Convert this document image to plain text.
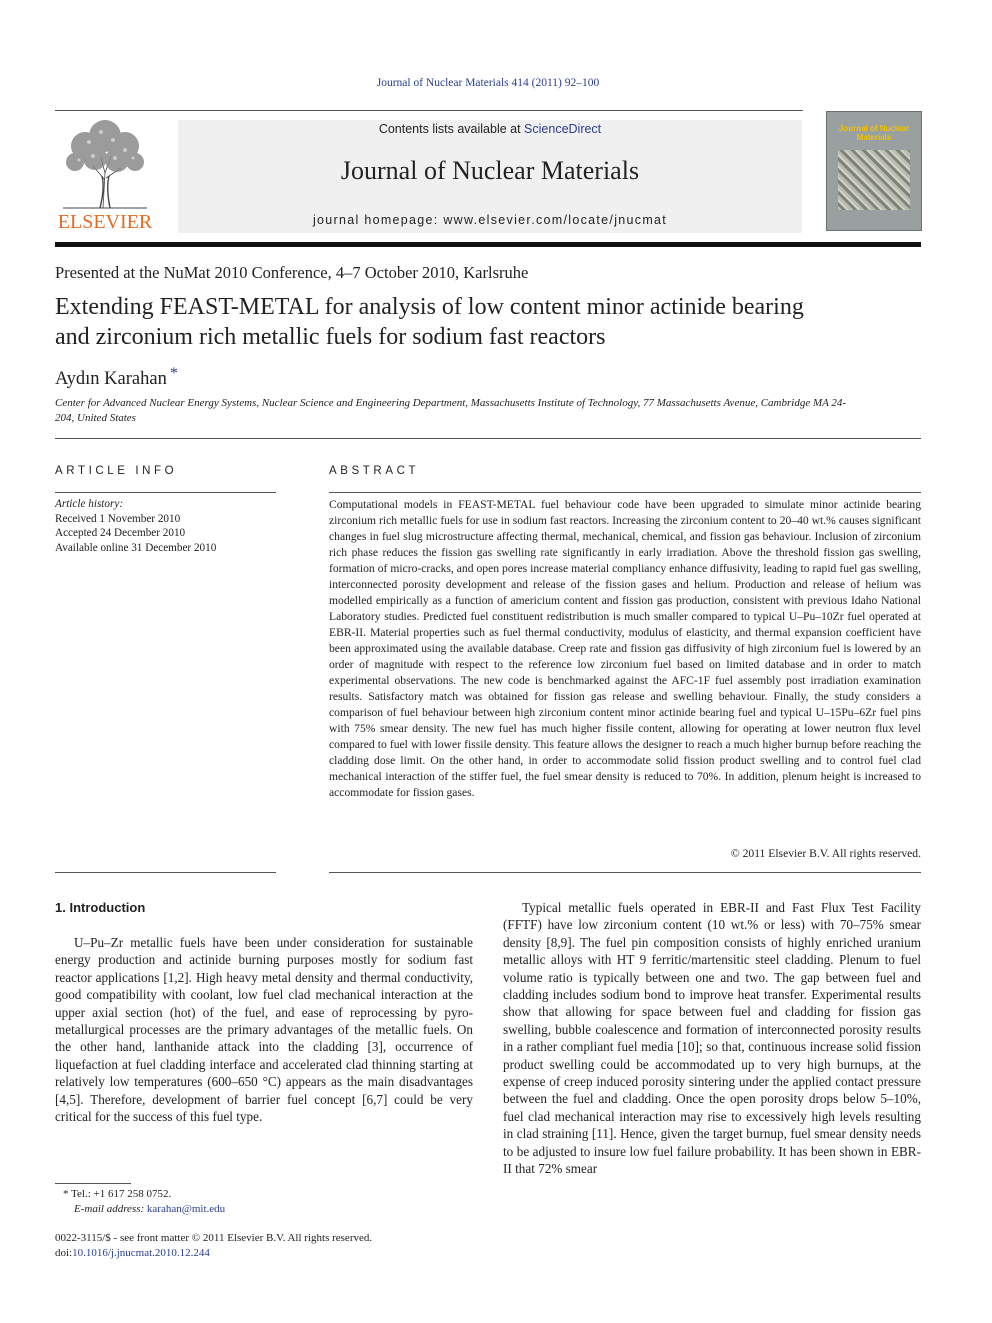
Journal of Nuclear Materials 414 (2011) 92–100
ELSEVIER
Contents lists available at ScienceDirect
Journal of Nuclear Materials
journal homepage: www.elsevier.com/locate/jnucmat
Journal of Nuclear Materials
Presented at the NuMat 2010 Conference, 4–7 October 2010, Karlsruhe
Extending FEAST-METAL for analysis of low content minor actinide bearing
and zirconium rich metallic fuels for sodium fast reactors
Aydın Karahan *
Center for Advanced Nuclear Energy Systems, Nuclear Science and Engineering Department, Massachusetts Institute of Technology, 77 Massachusetts Avenue, Cambridge MA 24-204, United States
ARTICLE INFO
Article history:
Received 1 November 2010
Accepted 24 December 2010
Available online 31 December 2010
ABSTRACT
Computational models in FEAST-METAL fuel behaviour code have been upgraded to simulate minor actinide bearing zirconium rich metallic fuels for use in sodium fast reactors. Increasing the zirconium content to 20–40 wt.% causes significant changes in fuel slug microstructure affecting thermal, mechanical, chemical, and fission gas behaviour. Inclusion of zirconium rich phase reduces the fission gas swelling rate significantly in early irradiation. Above the threshold fission gas swelling, formation of micro-cracks, and open pores increase material compliancy enhance diffusivity, leading to rapid fuel gas swelling, interconnected porosity development and release of the fission gases and helium. Production and release of helium was modelled empirically as a function of americium content and fission gas production, consistent with previous Idaho National Laboratory studies. Predicted fuel constituent redistribution is much smaller compared to typical U–Pu–10Zr fuel operated at EBR-II. Material properties such as fuel thermal conductivity, modulus of elasticity, and thermal expansion coefficient have been approximated using the available database. Creep rate and fission gas diffusivity of high zirconium fuel is lowered by an order of magnitude with respect to the reference low zirconium fuel based on limited database and in order to match experimental observations. The new code is benchmarked against the AFC-1F fuel assembly post irradiation examination results. Satisfactory match was obtained for fission gas release and swelling behaviour. Finally, the study considers a comparison of fuel behaviour between high zirconium content minor actinide bearing fuel and typical U–15Pu–6Zr fuel pins with 75% smear density. The new fuel has much higher fissile content, allowing for operating at lower neutron flux level compared to fuel with lower fissile density. This feature allows the designer to reach a much higher burnup before reaching the cladding dose limit. On the other hand, in order to accommodate solid fission product swelling and to control fuel clad mechanical interaction of the stiffer fuel, the fuel smear density is reduced to 70%. In addition, plenum height is increased to accommodate for fission gases.
© 2011 Elsevier B.V. All rights reserved.
1. Introduction
U–Pu–Zr metallic fuels have been under consideration for sustainable energy production and actinide burning purposes mostly for sodium fast reactor applications [1,2]. High heavy metal density and thermal conductivity, good compatibility with coolant, low fuel clad mechanical interaction at the upper axial section (hot) of the fuel, and ease of reprocessing by pyro-metallurgical processes are the primary advantages of the metallic fuels. On the other hand, lanthanide attack into the cladding [3], occurrence of liquefaction at fuel cladding interface and accelerated clad thinning starting at relatively low temperatures (600–650 °C) appears as the main disadvantages [4,5]. Therefore, development of barrier fuel concept [6,7] could be very critical for the success of this fuel type.
Typical metallic fuels operated in EBR-II and Fast Flux Test Facility (FFTF) have low zirconium content (10 wt.% or less) with 70–75% smear density [8,9]. The fuel pin composition consists of highly enriched uranium metallic alloys with HT 9 ferritic/martensitic steel cladding. Plenum to fuel volume ratio is typically between one and two. The gap between fuel and cladding includes sodium bond to improve heat transfer. Experimental results show that allowing for space between fuel and cladding for fission gas swelling, bubble coalescence and formation of interconnected porosity results in a rather compliant fuel media [10]; so that, continuous increase solid fission product swelling could be accommodated up to very high burnups, at the expense of creep induced porosity sintering under the applied contact pressure between the fuel and cladding. Once the open porosity drops below 5–10%, fuel clad mechanical interaction may rise to excessively high levels resulting in clad straining [11]. Hence, given the target burnup, fuel smear density needs to be adjusted to insure low fuel failure probability. It has been shown in EBR-II that 72% smear
* Tel.: +1 617 258 0752.
E-mail address: karahan@mit.edu
0022-3115/$ - see front matter © 2011 Elsevier B.V. All rights reserved.
doi:10.1016/j.jnucmat.2010.12.244
